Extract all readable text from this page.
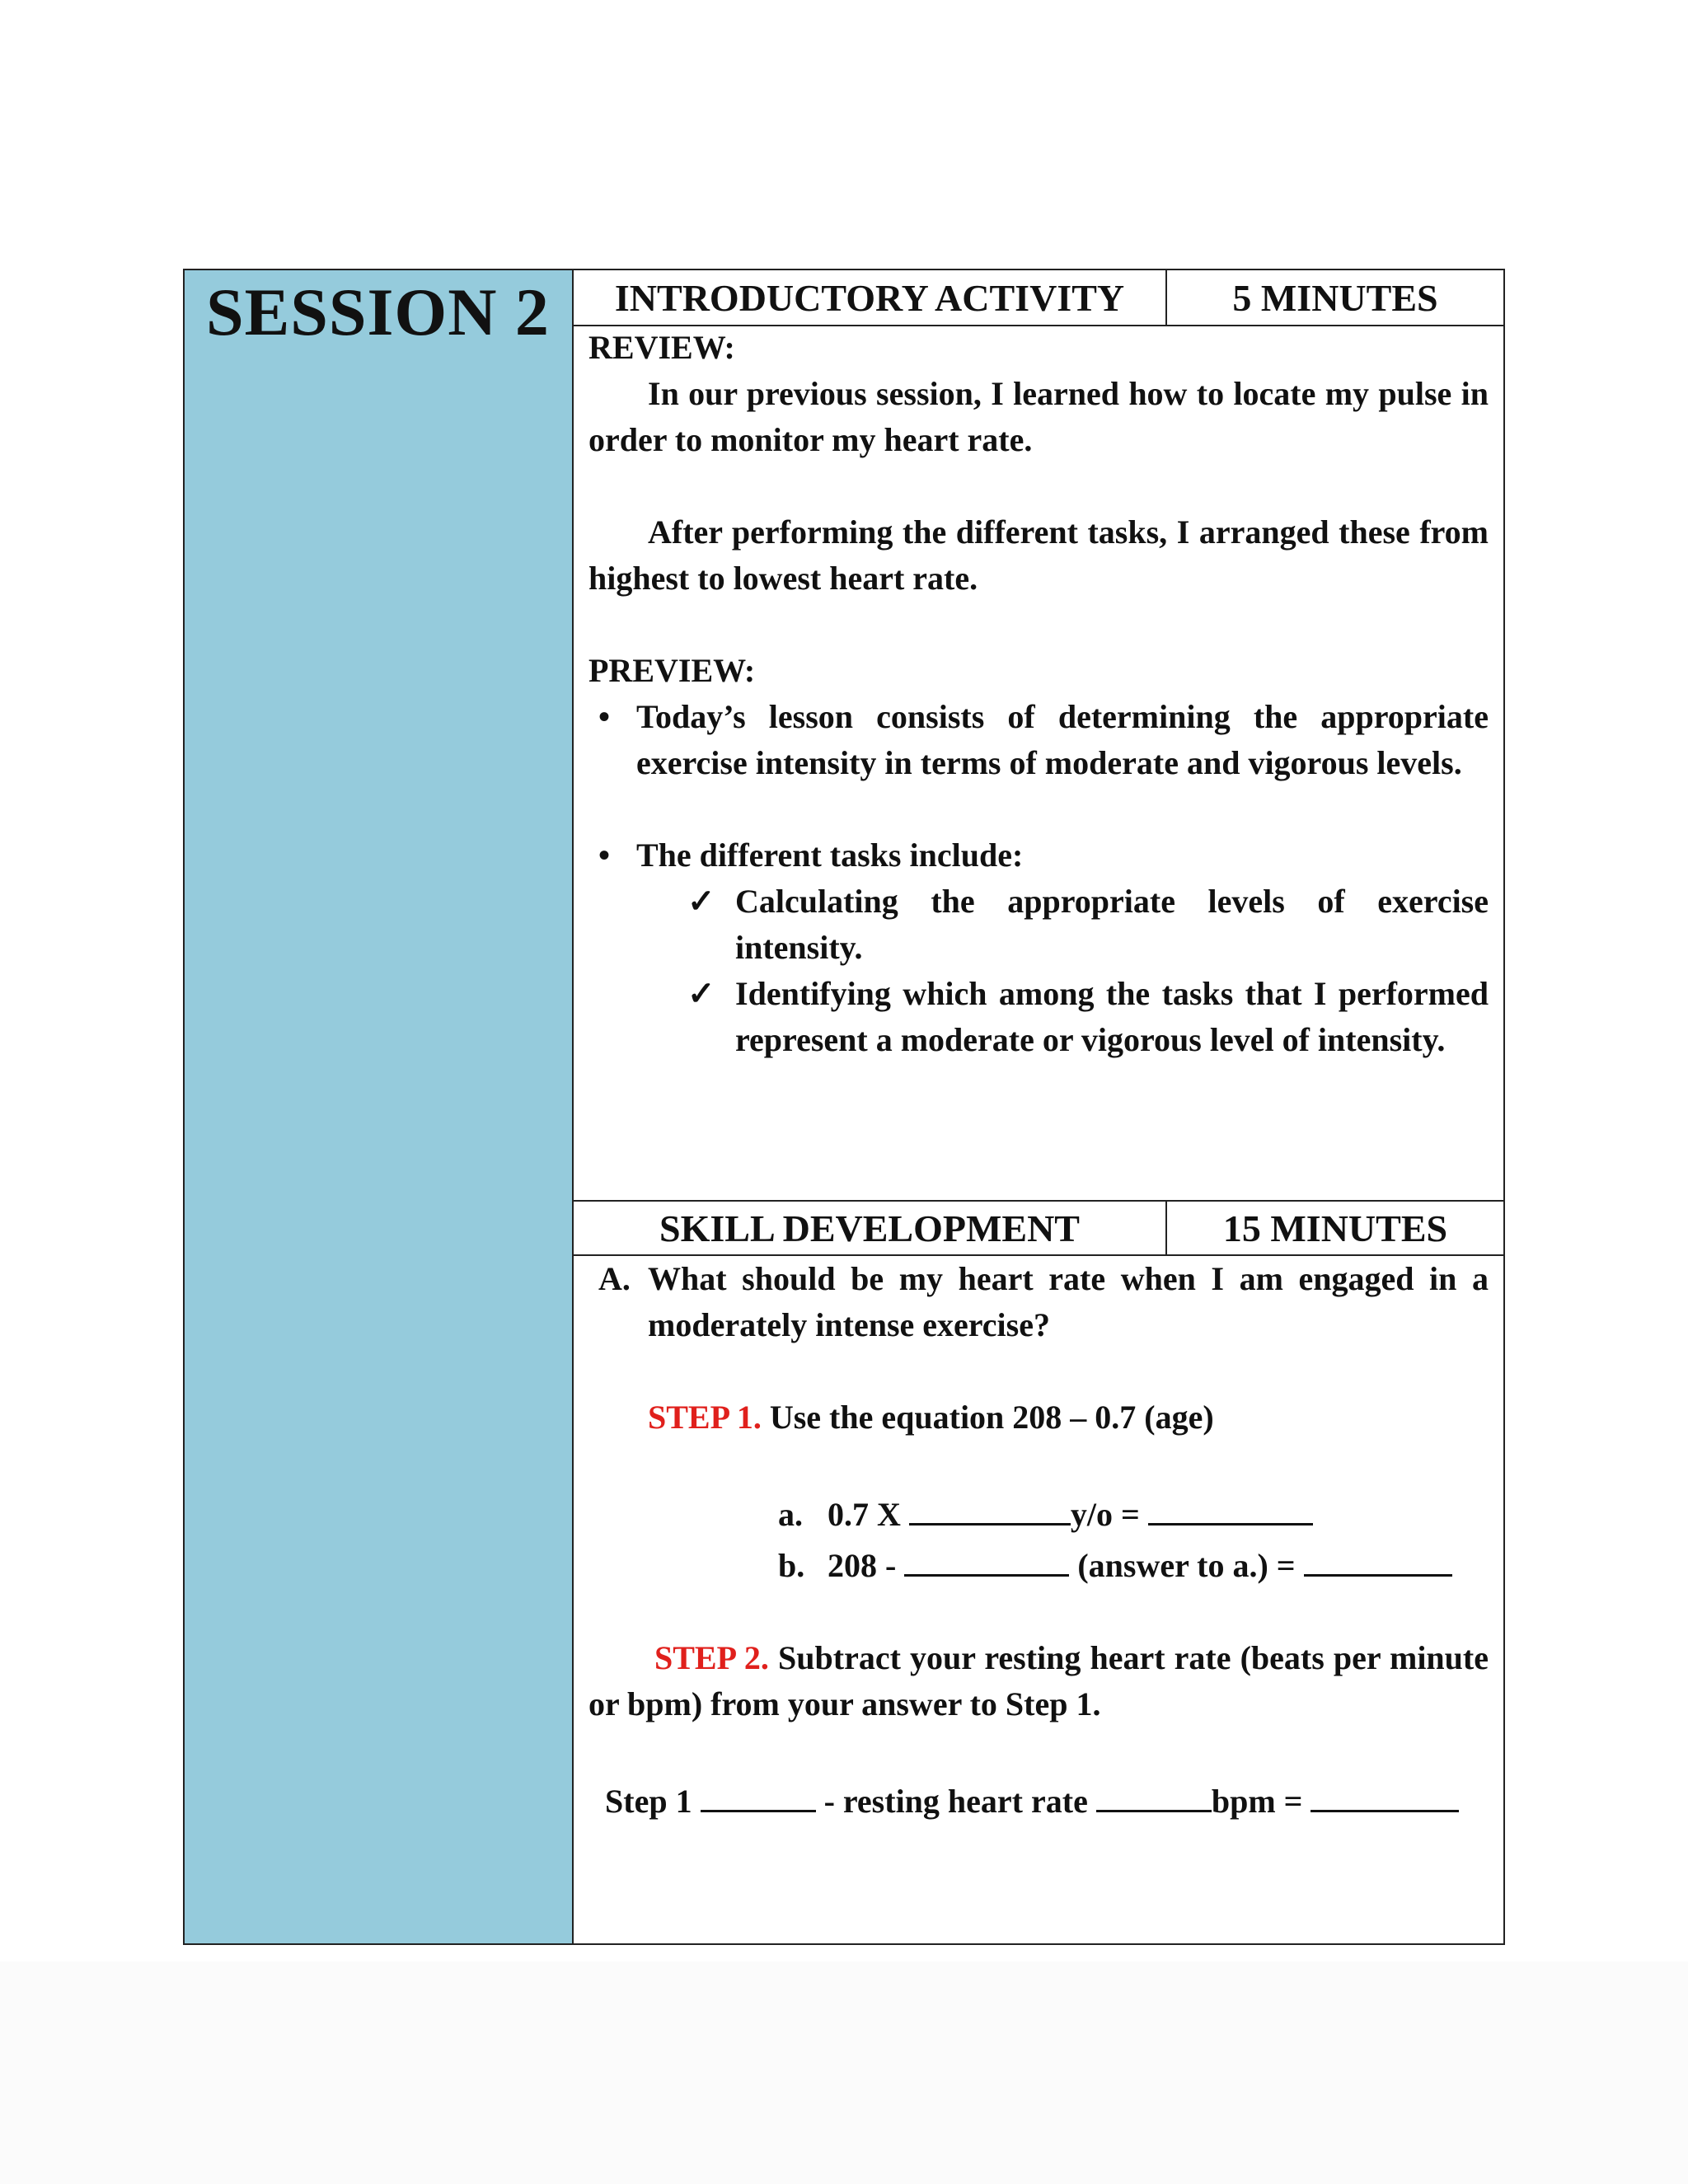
SESSION 2	INTRODUCTORY ACTIVITY	5 MINUTES
REVIEW:
In our previous session, I learned how to locate my pulse in order to monitor my heart rate.
After performing the different tasks, I arranged these from highest to lowest heart rate.
PREVIEW:
• Today’s lesson consists of determining the appropriate exercise intensity in terms of moderate and vigorous levels.
• The different tasks include:
✓ Calculating the appropriate levels of exercise intensity.
✓ Identifying which among the tasks that I performed represent a moderate or vigorous level of intensity.
SKILL DEVELOPMENT	15 MINUTES
A. What should be my heart rate when I am engaged in a moderately intense exercise?
STEP 1. Use the equation 208 – 0.7 (age)
a. 0.7 X	y/o =
b. 208 -	(answer to a.) =
STEP 2. Subtract your resting heart rate (beats per minute or bpm) from your answer to Step 1.
Step 1	- resting heart rate	bpm =
